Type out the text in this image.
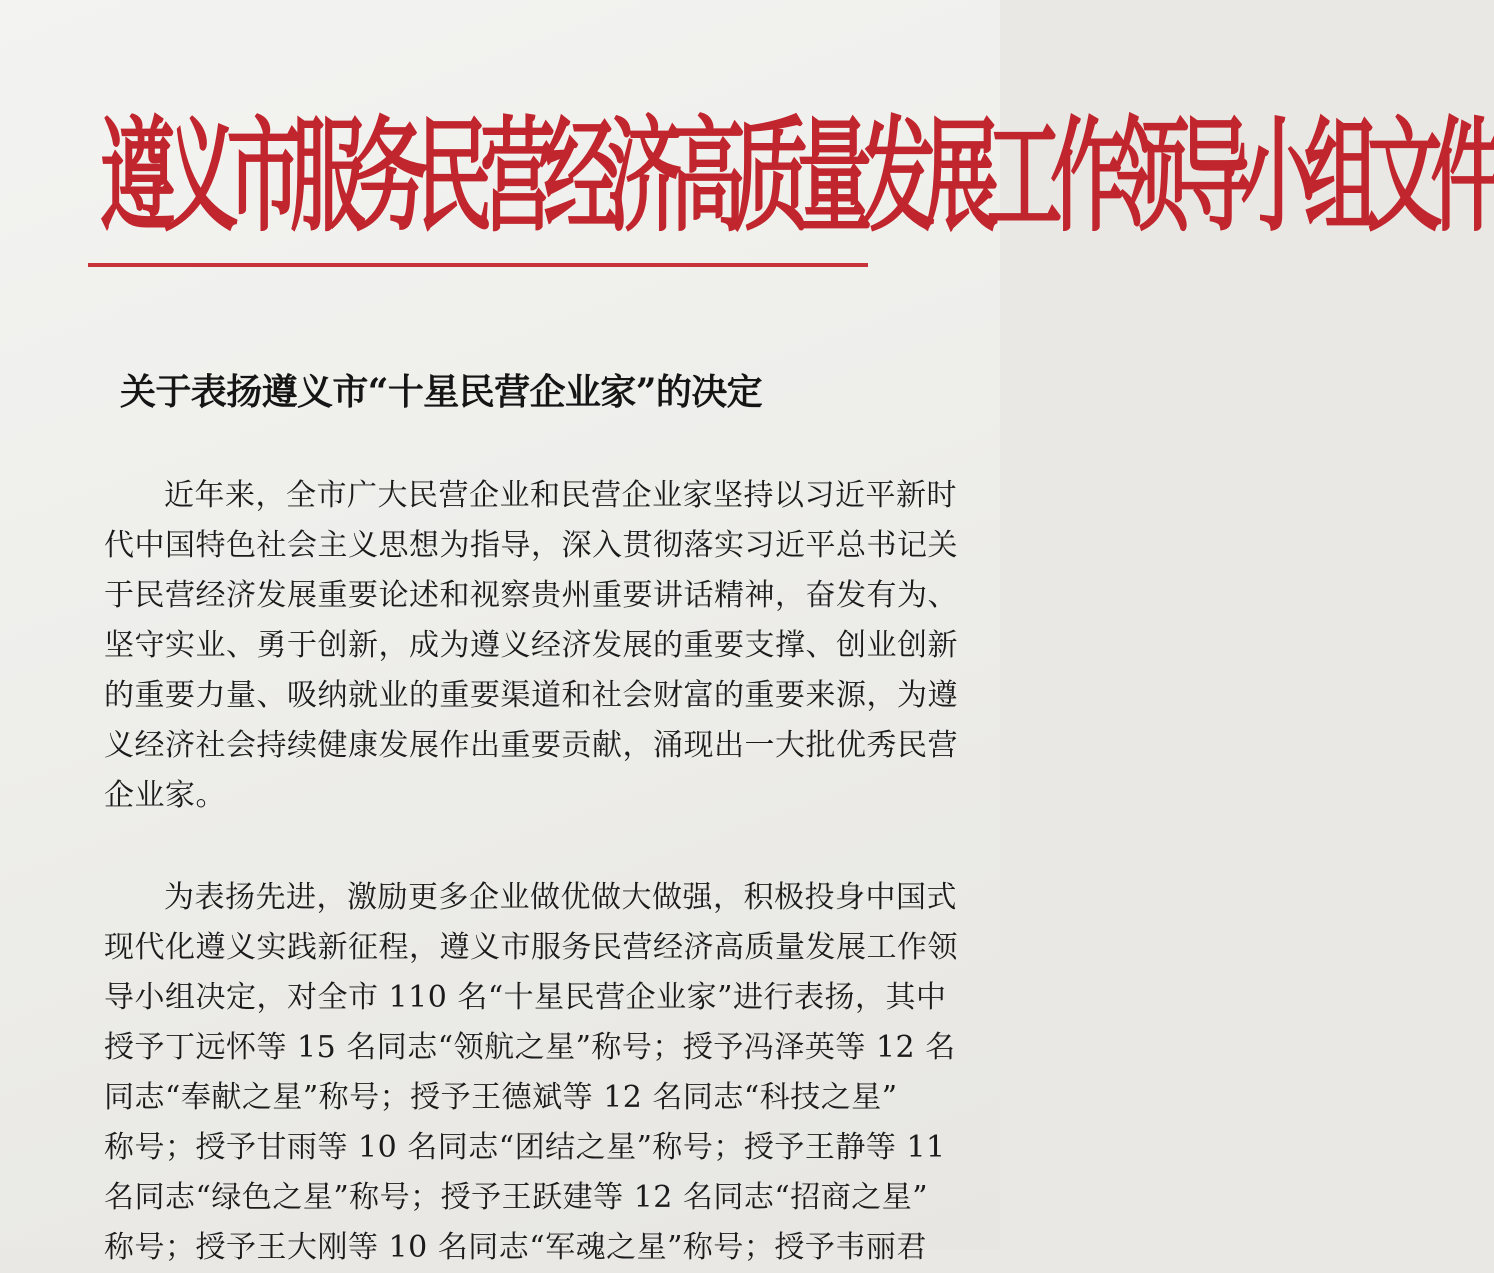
遵义市服务民营经济高质量发展工作领导小组文件
关于表扬遵义市“十星民营企业家”的决定
近年来，全市广大民营企业和民营企业家坚持以习近平新时
代中国特色社会主义思想为指导，深入贯彻落实习近平总书记关
于民营经济发展重要论述和视察贵州重要讲话精神，奋发有为、
坚守实业、勇于创新，成为遵义经济发展的重要支撑、创业创新
的重要力量、吸纳就业的重要渠道和社会财富的重要来源，为遵
义经济社会持续健康发展作出重要贡献，涌现出一大批优秀民营
企业家。
为表扬先进，激励更多企业做优做大做强，积极投身中国式
现代化遵义实践新征程，遵义市服务民营经济高质量发展工作领
导小组决定，对全市 110 名“十星民营企业家”进行表扬，其中
授予丁远怀等 15 名同志“领航之星”称号；授予冯泽英等 12 名
同志“奉献之星”称号；授予王德斌等 12 名同志“科技之星”
称号；授予甘雨等 10 名同志“团结之星”称号；授予王静等 11
名同志“绿色之星”称号；授予王跃建等 12 名同志“招商之星”
称号；授予王大刚等 10 名同志“军魂之星”称号；授予韦丽君
